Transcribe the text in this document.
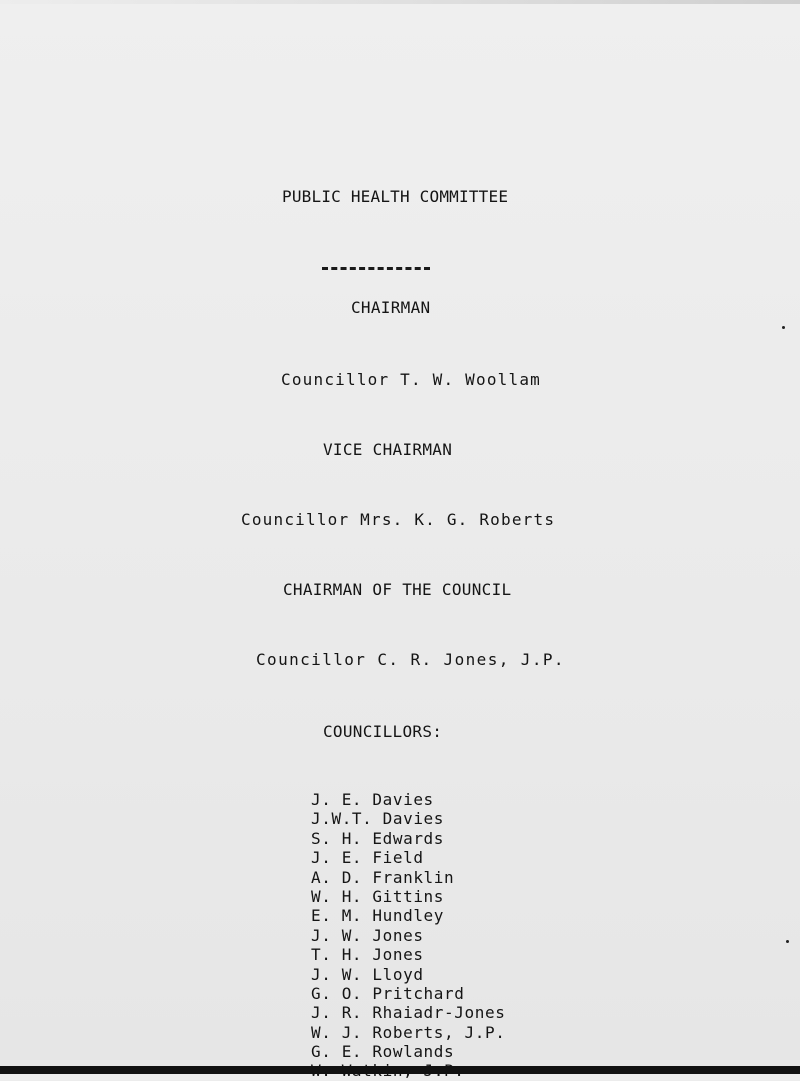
PUBLIC HEALTH COMMITTEE
CHAIRMAN
Councillor T. W. Woollam
VICE CHAIRMAN
Councillor Mrs. K. G. Roberts
CHAIRMAN OF THE COUNCIL
Councillor C. R. Jones, J.P.
COUNCILLORS:
J. E. Davies
J.W.T. Davies
S. H. Edwards
J. E. Field
A. D. Franklin
W. H. Gittins
E. M. Hundley
J. W. Jones
T. H. Jones
J. W. Lloyd
G. O. Pritchard
J. R. Rhaiadr-Jones
W. J. Roberts, J.P.
G. E. Rowlands
